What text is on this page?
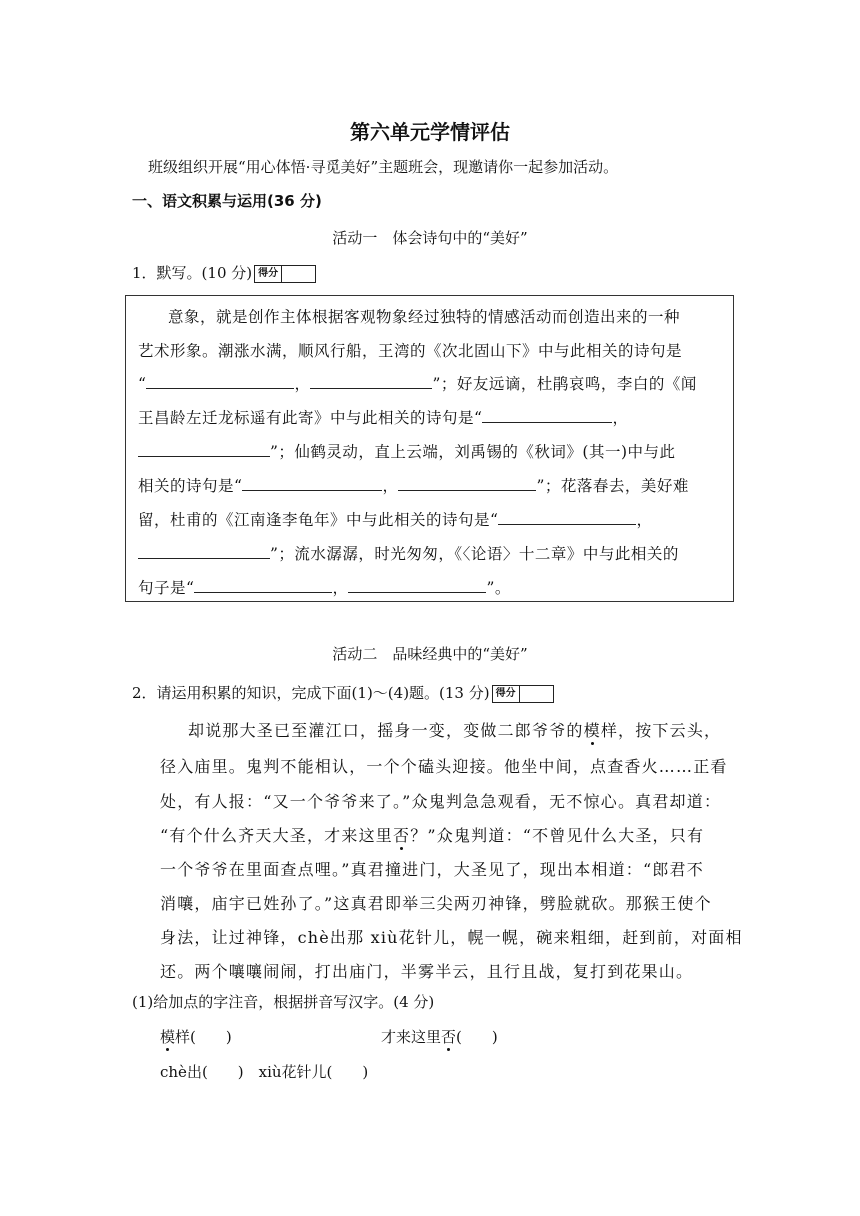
第六单元学情评估
班级组织开展“用心体悟·寻觅美好”主题班会，现邀请你一起参加活动。
一、语文积累与运用(36 分)
活动一　体会诗句中的“美好”
1．默写。(10 分) 得分
意象，就是创作主体根据客观物象经过独特的情感活动而创造出来的一种
艺术形象。潮涨水满，顺风行船，王湾的《次北固山下》中与此相关的诗句是
“	，	”；好友远谪，杜鹃哀鸣，李白的《闻
王昌龄左迁龙标遥有此寄》中与此相关的诗句是“	，
”；仙鹤灵动，直上云端，刘禹锡的《秋词》(其一)中与此
相关的诗句是“	，	”；花落春去，美好难
留，杜甫的《江南逢李龟年》中与此相关的诗句是“	，
”；流水潺潺，时光匆匆，《〈论语〉十二章》中与此相关的
句子是“	，	”。
活动二　品味经典中的“美好”
2．请运用积累的知识，完成下面(1)～(4)题。(13 分) 得分
却说那大圣已至灌江口，摇身一变，变做二郎爷爷的模样，按下云头，
径入庙里。鬼判不能相认，一个个磕头迎接。他坐中间，点查香火……正看
处，有人报：“又一个爷爷来了。”众鬼判急急观看，无不惊心。真君却道：
“有个什么齐天大圣，才来这里否？”众鬼判道：“不曾见什么大圣，只有
一个爷爷在里面查点哩。”真君撞进门，大圣见了，现出本相道：“郎君不
消嚷，庙宇已姓孙了。”这真君即举三尖两刃神锋，劈脸就砍。那猴王使个
身法，让过神锋，chè出那 xiù花针儿，幌一幌，碗来粗细，赶到前，对面相
还。两个嚷嚷闹闹，打出庙门，半雾半云，且行且战，复打到花果山。
(1)给加点的字注音，根据拼音写汉字。(4 分)
模样(　　)	才来这里否(　　)
chè出(　　)　xiù花针儿(　　)
